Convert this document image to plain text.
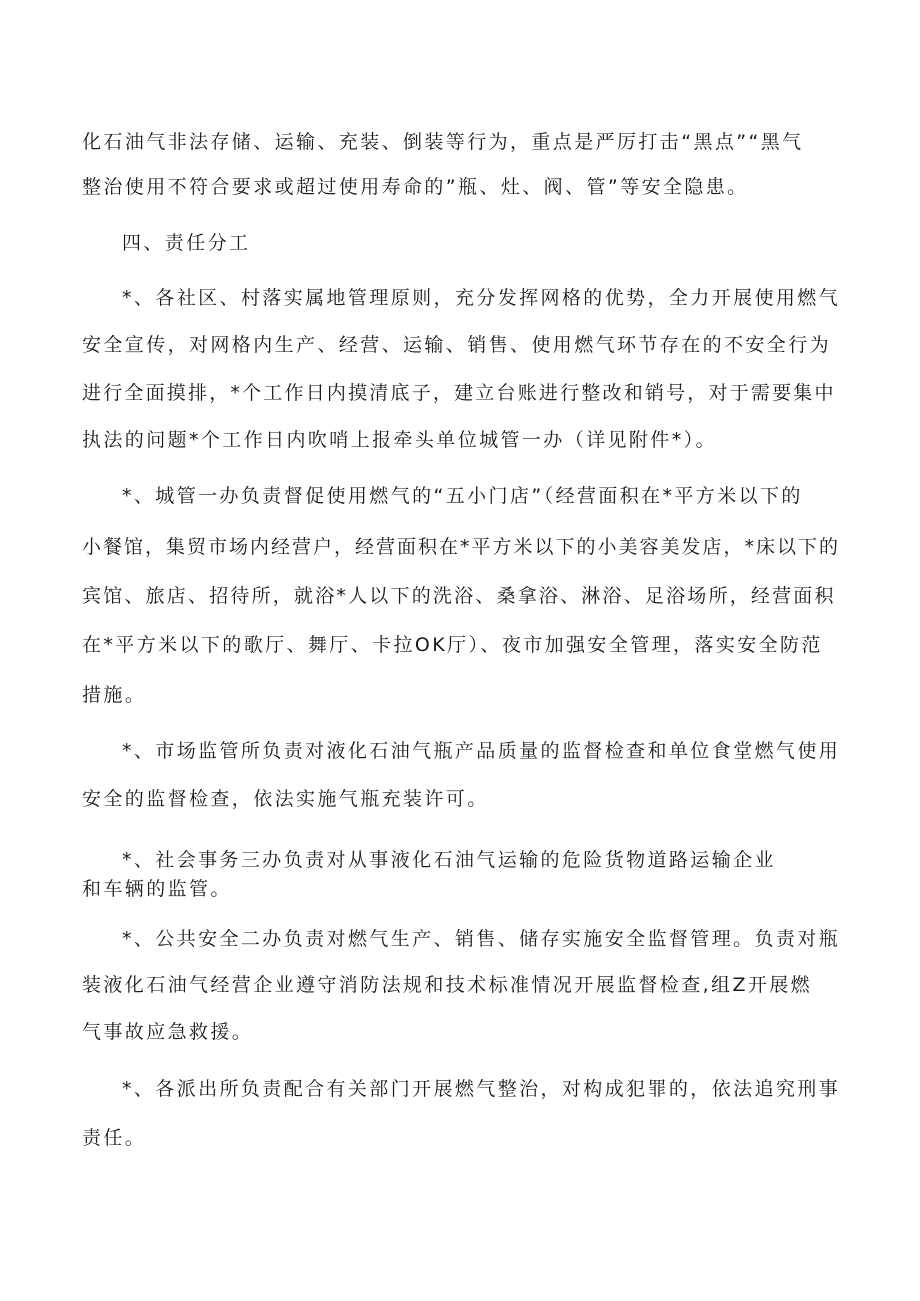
化石油气非法存储、运输、充装、倒装等行为，重点是严厉打击“黑点”“黑气
整治使用不符合要求或超过使用寿命的”瓶、灶、阀、管”等安全隐患。
四、责任分工
*、各社区、村落实属地管理原则，充分发挥网格的优势，全力开展使用燃气
安全宣传，对网格内生产、经营、运输、销售、使用燃气环节存在的不安全行为
进行全面摸排，*个工作日内摸清底子，建立台账进行整改和销号，对于需要集中
执法的问题*个工作日内吹哨上报牵头单位城管一办（详见附件*）。
*、城管一办负责督促使用燃气的“五小门店”（经营面积在*平方米以下的
小餐馆，集贸市场内经营户，经营面积在*平方米以下的小美容美发店，*床以下的
宾馆、旅店、招待所，就浴*人以下的洗浴、桑拿浴、淋浴、足浴场所，经营面积
在*平方米以下的歌厅、舞厅、卡拉OK厅）、夜市加强安全管理，落实安全防范
措施。
*、市场监管所负责对液化石油气瓶产品质量的监督检查和单位食堂燃气使用
安全的监督检查，依法实施气瓶充装许可。
*、社会事务三办负责对从事液化石油气运输的危险货物道路运输企业
和车辆的监管。
*、公共安全二办负责对燃气生产、销售、储存实施安全监督管理。负责对瓶
装液化石油气经营企业遵守消防法规和技术标准情况开展监督检查,组Z开展燃
气事故应急救援。
*、各派出所负责配合有关部门开展燃气整治，对构成犯罪的，依法追究刑事
责任。
